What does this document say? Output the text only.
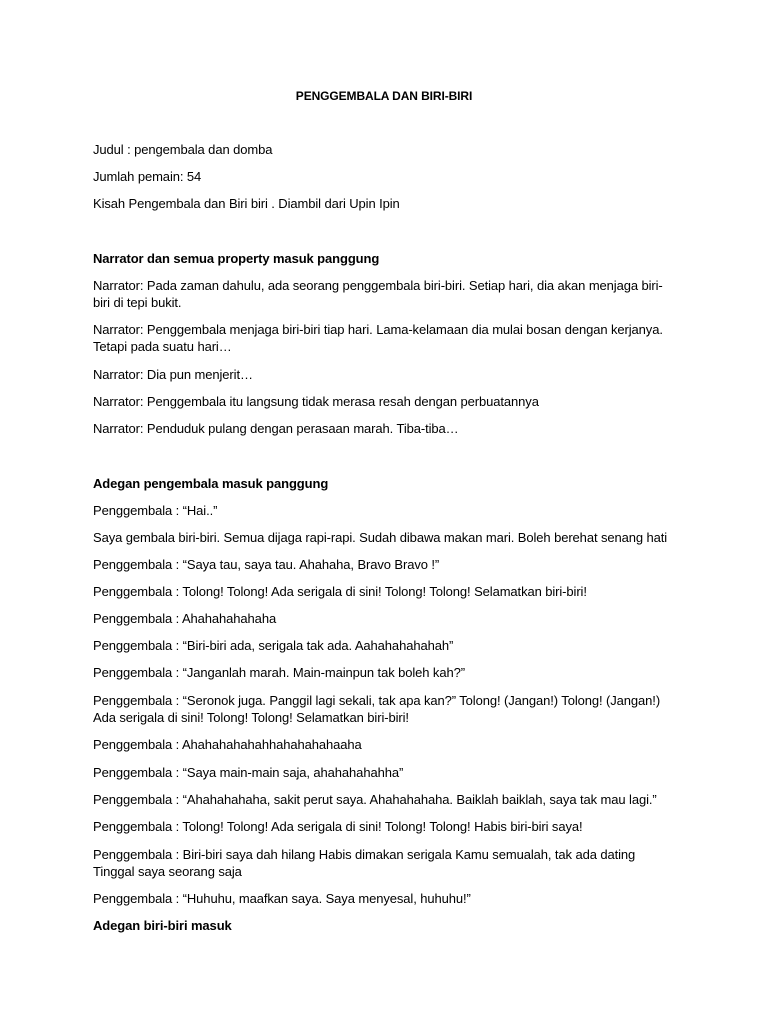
PENGGEMBALA DAN BIRI-BIRI
Judul : pengembala dan domba
Jumlah pemain: 54
Kisah Pengembala dan Biri biri . Diambil dari Upin Ipin
Narrator dan semua property masuk panggung
Narrator: Pada zaman dahulu, ada seorang penggembala biri-biri. Setiap hari, dia akan menjaga biri-
biri di tepi bukit.
Narrator: Penggembala menjaga biri-biri tiap hari. Lama-kelamaan dia mulai bosan dengan kerjanya.
Tetapi pada suatu hari…
Narrator: Dia pun menjerit…
Narrator: Penggembala itu langsung tidak merasa resah dengan perbuatannya
Narrator: Penduduk pulang dengan perasaan marah. Tiba-tiba…
Adegan pengembala masuk panggung
Penggembala : “Hai..”
Saya gembala biri-biri. Semua dijaga rapi-rapi. Sudah dibawa makan mari. Boleh berehat senang hati
Penggembala : “Saya tau, saya tau. Ahahaha, Bravo Bravo !”
Penggembala : Tolong! Tolong! Ada serigala di sini! Tolong! Tolong! Selamatkan biri-biri!
Penggembala : Ahahahahahaha
Penggembala : “Biri-biri ada, serigala tak ada. Aahahahahahah”
Penggembala : “Janganlah marah. Main-mainpun tak boleh kah?”
Penggembala : “Seronok juga. Panggil lagi sekali, tak apa kan?” Tolong! (Jangan!) Tolong! (Jangan!)
Ada serigala di sini! Tolong! Tolong! Selamatkan biri-biri!
Penggembala : Ahahahahahahhahahahahaaha
Penggembala : “Saya main-main saja, ahahahahahha”
Penggembala : “Ahahahahaha, sakit perut saya. Ahahahahaha. Baiklah baiklah, saya tak mau lagi.”
Penggembala : Tolong! Tolong! Ada serigala di sini! Tolong! Tolong! Habis biri-biri saya!
Penggembala : Biri-biri saya dah hilang Habis dimakan serigala Kamu semualah, tak ada dating
Tinggal saya seorang saja
Penggembala : “Huhuhu, maafkan saya. Saya menyesal, huhuhu!”
Adegan biri-biri masuk
